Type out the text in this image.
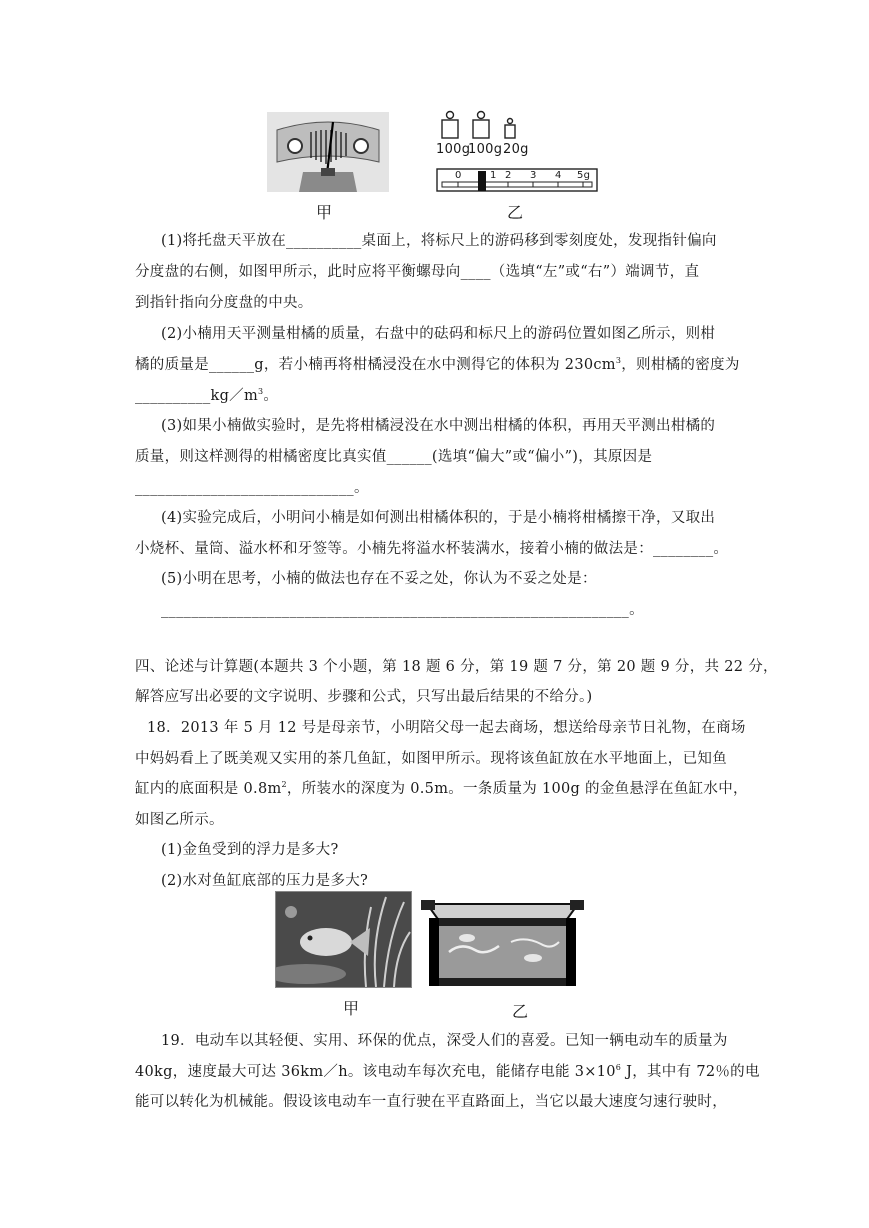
100g
100g 20g
0	1 2 3 4 5g
甲	乙
(1)将托盘天平放在__________桌面上，将标尺上的游码移到零刻度处，发现指针偏向
分度盘的右侧，如图甲所示，此时应将平衡螺母向____（选填“左”或“右”）端调节，直
到指针指向分度盘的中央。
(2)小楠用天平测量柑橘的质量，右盘中的砝码和标尺上的游码位置如图乙所示，则柑
橘的质量是______g，若小楠再将柑橘浸没在水中测得它的体积为 $230cm^3$，则柑橘的密度为
$\_\_\_\_\_\_\_\_\_\_kg/m^3$。
(3)如果小楠做实验时，是先将柑橘浸没在水中测出柑橘的体积，再用天平测出柑橘的
质量，则这样测得的柑橘密度比真实值______(选填“偏大”或“偏小”)，其原因是
_____________________________。
(4)实验完成后，小明问小楠是如何测出柑橘体积的，于是小楠将柑橘擦干净，又取出
小烧杯、量筒、溢水杯和牙签等。小楠先将溢水杯装满水，接着小楠的做法是：________。
(5)小明在思考，小楠的做法也存在不妥之处，你认为不妥之处是：
______________________________________________________________。
四、论述与计算题(本题共 3 个小题，第 18 题 6 分，第 19 题 7 分，第 20 题 9 分，共 22 分，
解答应写出必要的文字说明、步骤和公式，只写出最后结果的不给分。)
18．2013 年 5 月 12 号是母亲节，小明陪父母一起去商场，想送给母亲节日礼物，在商场
中妈妈看上了既美观又实用的茶几鱼缸，如图甲所示。现将该鱼缸放在水平地面上，已知鱼
缸内的底面积是 $0.8m^2$，所装水的深度为 0.5m。一条质量为 100g 的金鱼悬浮在鱼缸水中，
如图乙所示。
(1)金鱼受到的浮力是多大?
(2)水对鱼缸底部的压力是多大?
甲	乙
19．电动车以其轻便、实用、环保的优点，深受人们的喜爱。已知一辆电动车的质量为
40kg，速度最大可达 36km／h。该电动车每次充电，能储存电能 $3\times 10^6$ J，其中有 72％的电
能可以转化为机械能。假设该电动车一直行驶在平直路面上，当它以最大速度匀速行驶时，
